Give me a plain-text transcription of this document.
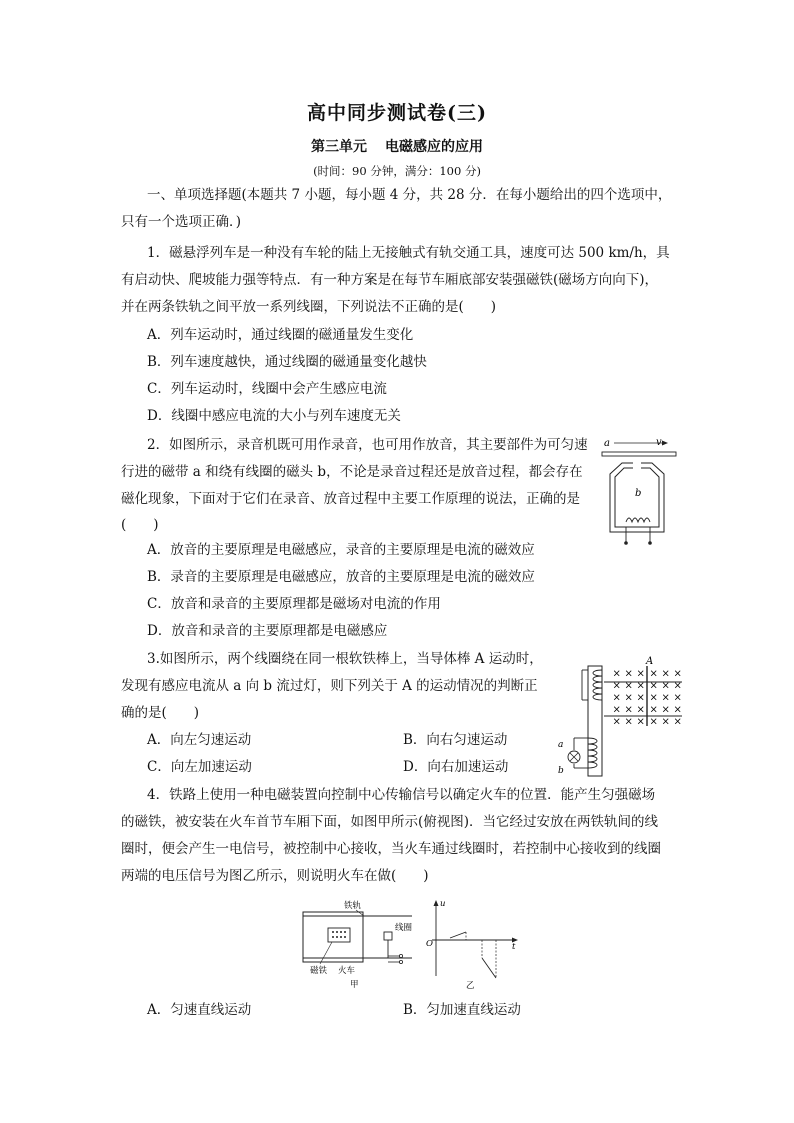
高中同步测试卷(三)
第三单元 电磁感应的应用
(时间：90 分钟，满分：100 分)
一、单项选择题(本题共 7 小题，每小题 4 分，共 28 分．在每小题给出的四个选项中，
只有一个选项正确．)
1．磁悬浮列车是一种没有车轮的陆上无接触式有轨交通工具，速度可达 500 km/h，具
有启动快、爬坡能力强等特点．有一种方案是在每节车厢底部安装强磁铁(磁场方向向下)，
并在两条铁轨之间平放一系列线圈，下列说法不正确的是(　　)
A．列车运动时，通过线圈的磁通量发生变化
B．列车速度越快，通过线圈的磁通量变化越快
C．列车运动时，线圈中会产生感应电流
D．线圈中感应电流的大小与列车速度无关
2．如图所示，录音机既可用作录音，也可用作放音，其主要部件为可匀速
行进的磁带 a 和绕有线圈的磁头 b，不论是录音过程还是放音过程，都会存在
磁化现象，下面对于它们在录音、放音过程中主要工作原理的说法，正确的是
(　　)
A．放音的主要原理是电磁感应，录音的主要原理是电流的磁效应
B．录音的主要原理是电磁感应，放音的主要原理是电流的磁效应
C．放音和录音的主要原理都是磁场对电流的作用
D．放音和录音的主要原理都是电磁感应
a	v
b
3.如图所示，两个线圈绕在同一根软铁棒上，当导体棒 A 运动时，
发现有感应电流从 a 向 b 流过灯，则下列关于 A 的运动情况的判断正
确的是(　　)
A．向左匀速运动	B．向右匀速运动
C．向左加速运动	D．向右加速运动
A
× × × × × ×
× × × × × ×
× × × × × ×
× × × × × ×
× × × × × ×
a
b
4．铁路上使用一种电磁装置向控制中心传输信号以确定火车的位置．能产生匀强磁场
的磁铁，被安装在火车首节车厢下面，如图甲所示(俯视图)．当它经过安放在两铁轨间的线
圈时，便会产生一电信号，被控制中心接收，当火车通过线圈时，若控制中心接收到的线圈
两端的电压信号为图乙所示，则说明火车在做(　　)
铁轨
线圈
磁铁 火车
甲
u
t
O
乙
A．匀速直线运动	B．匀加速直线运动
